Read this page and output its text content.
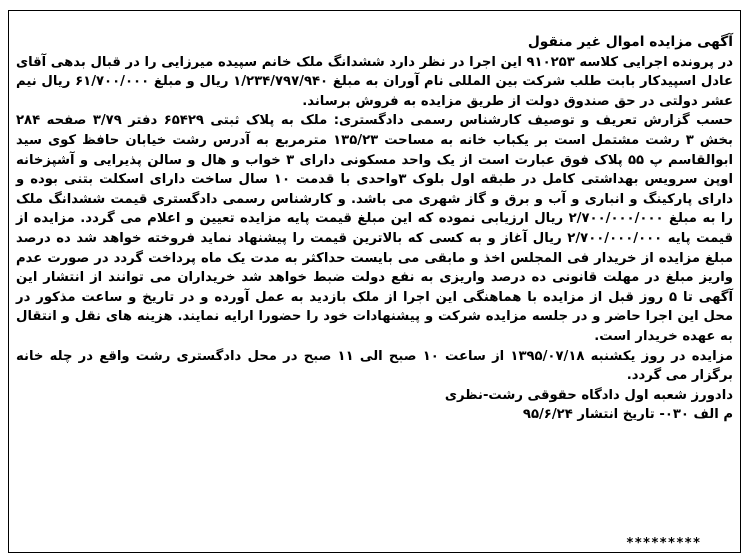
آگهی مزایده اموال غیر منقول

در پرونده اجرایی کلاسه ۹۱۰۲۵۳ این اجرا در نظر دارد ششدانگ ملک خانم سپیده میرزایی را در قبال بدهی آقای عادل اسپیدکار بابت طلب شرکت بین المللی نام آوران به مبلغ ۱/۲۳۴/۷۹۷/۹۴۰ ریال و مبلغ ۶۱/۷۰۰/۰۰۰ ریال نیم عشر دولتی در حق صندوق دولت از طریق مزایده به فروش برساند.

حسب گزارش تعریف و توصیف کارشناس رسمی دادگستری: ملک به پلاک ثبتی ۶۵۴۲۹ دفتر ۳/۷۹ صفحه ۲۸۴ بخش ۳ رشت مشتمل است بر یکباب خانه به مساحت ۱۳۵/۲۳ مترمربع به آدرس رشت خیابان حافظ کوی سید ابوالقاسم پ ۵۵ پلاک فوق عبارت است از یک واحد مسکونی دارای ۳ خواب و هال و سالن پذیرایی و آشپزخانه اوپن سرویس بهداشتی کامل در طبقه اول بلوک ۳واحدی با قدمت ۱۰ سال ساخت دارای اسکلت بتنی بوده و دارای پارکینگ و انباری و آب و برق و گاز شهری می باشد. و کارشناس رسمی دادگستری قیمت ششدانگ ملک را به مبلغ ۲/۷۰۰/۰۰۰/۰۰۰ ریال ارزیابی نموده که این مبلغ قیمت پایه مزایده تعیین و اعلام می گردد. مزایده از قیمت پایه ۲/۷۰۰/۰۰۰/۰۰۰ ریال آغاز و به کسی که بالاترین قیمت را پیشنهاد نماید فروخته خواهد شد ده درصد مبلغ مزایده از خریدار فی المجلس اخذ و مابقی می بایست حداکثر به مدت یک ماه پرداخت گردد در صورت عدم واریز مبلغ در مهلت قانونی ده درصد واریزی به نفع دولت ضبط خواهد شد خریداران می توانند از انتشار این آگهی تا ۵ روز قبل از مزایده با هماهنگی این اجرا از ملک بازدید به عمل آورده و در تاریخ و ساعت مذکور در محل این اجرا حاضر و در جلسه مزایده شرکت و پیشنهادات خود را حضورا ارایه نمایند. هزینه های نقل و انتقال به عهده خریدار است.

مزایده در روز یکشنبه ۱۳۹۵/۰۷/۱۸ از ساعت ۱۰ صبح الی ۱۱ صبح در محل دادگستری رشت واقع در چله خانه برگزار می گردد.

دادورز شعبه اول دادگاه حقوقی رشت-نظری

م الف ۰۳۰- تاریخ انتشار ۹۵/۶/۲۴

*********
